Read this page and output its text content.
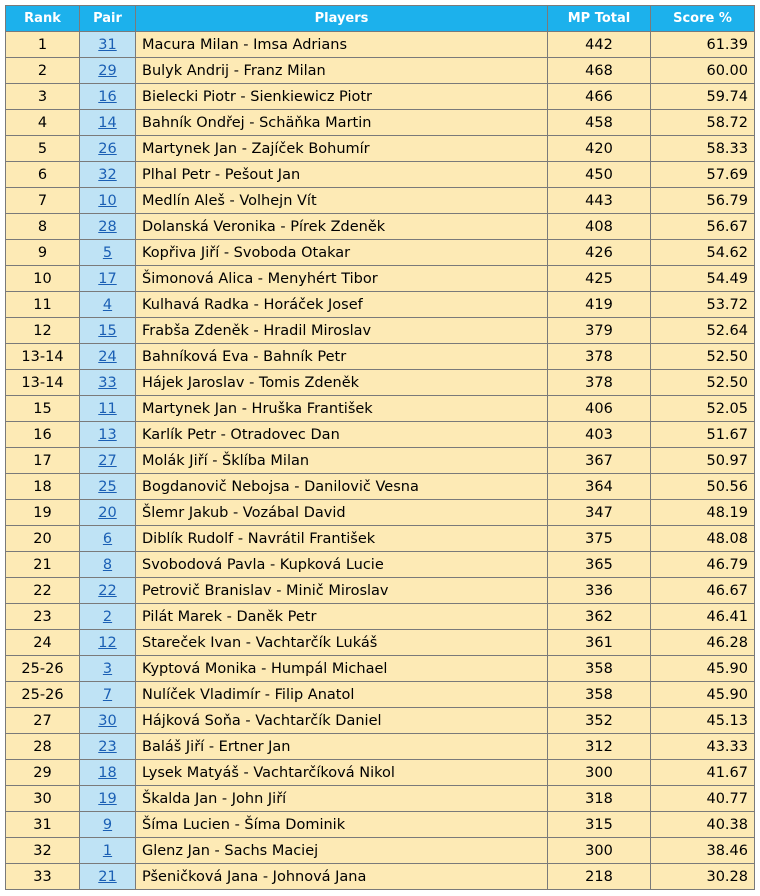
Rank	Pair	Players	MP Total	Score %
1	31	Macura Milan - Imsa Adrians	442	61.39
2	29	Bulyk Andrij - Franz Milan	468	60.00
3	16	Bielecki Piotr - Sienkiewicz Piotr	466	59.74
4	14	Bahník Ondřej - Schäňka Martin	458	58.72
5	26	Martynek Jan - Zajíček Bohumír	420	58.33
6	32	Plhal Petr - Pešout Jan	450	57.69
7	10	Medlín Aleš - Volhejn Vít	443	56.79
8	28	Dolanská Veronika - Pírek Zdeněk	408	56.67
9	5	Kopřiva Jiří - Svoboda Otakar	426	54.62
10	17	Šimonová Alica - Menyhért Tibor	425	54.49
11	4	Kulhavá Radka - Horáček Josef	419	53.72
12	15	Frabša Zdeněk - Hradil Miroslav	379	52.64
13-14	24	Bahníková Eva - Bahník Petr	378	52.50
13-14	33	Hájek Jaroslav - Tomis Zdeněk	378	52.50
15	11	Martynek Jan - Hruška František	406	52.05
16	13	Karlík Petr - Otradovec Dan	403	51.67
17	27	Molák Jiří - Šklíba Milan	367	50.97
18	25	Bogdanovič Nebojsa - Danilovič Vesna	364	50.56
19	20	Šlemr Jakub - Vozábal David	347	48.19
20	6	Diblík Rudolf - Navrátil František	375	48.08
21	8	Svobodová Pavla - Kupková Lucie	365	46.79
22	22	Petrovič Branislav - Minič Miroslav	336	46.67
23	2	Pilát Marek - Daněk Petr	362	46.41
24	12	Stareček Ivan - Vachtarčík Lukáš	361	46.28
25-26	3	Kyptová Monika - Humpál Michael	358	45.90
25-26	7	Nulíček Vladimír - Filip Anatol	358	45.90
27	30	Hájková Soňa - Vachtarčík Daniel	352	45.13
28	23	Baláš Jiří - Ertner Jan	312	43.33
29	18	Lysek Matyáš - Vachtarčíková Nikol	300	41.67
30	19	Škalda Jan - John Jiří	318	40.77
31	9	Šíma Lucien - Šíma Dominik	315	40.38
32	1	Glenz Jan - Sachs Maciej	300	38.46
33	21	Pšeničková Jana - Johnová Jana	218	30.28
